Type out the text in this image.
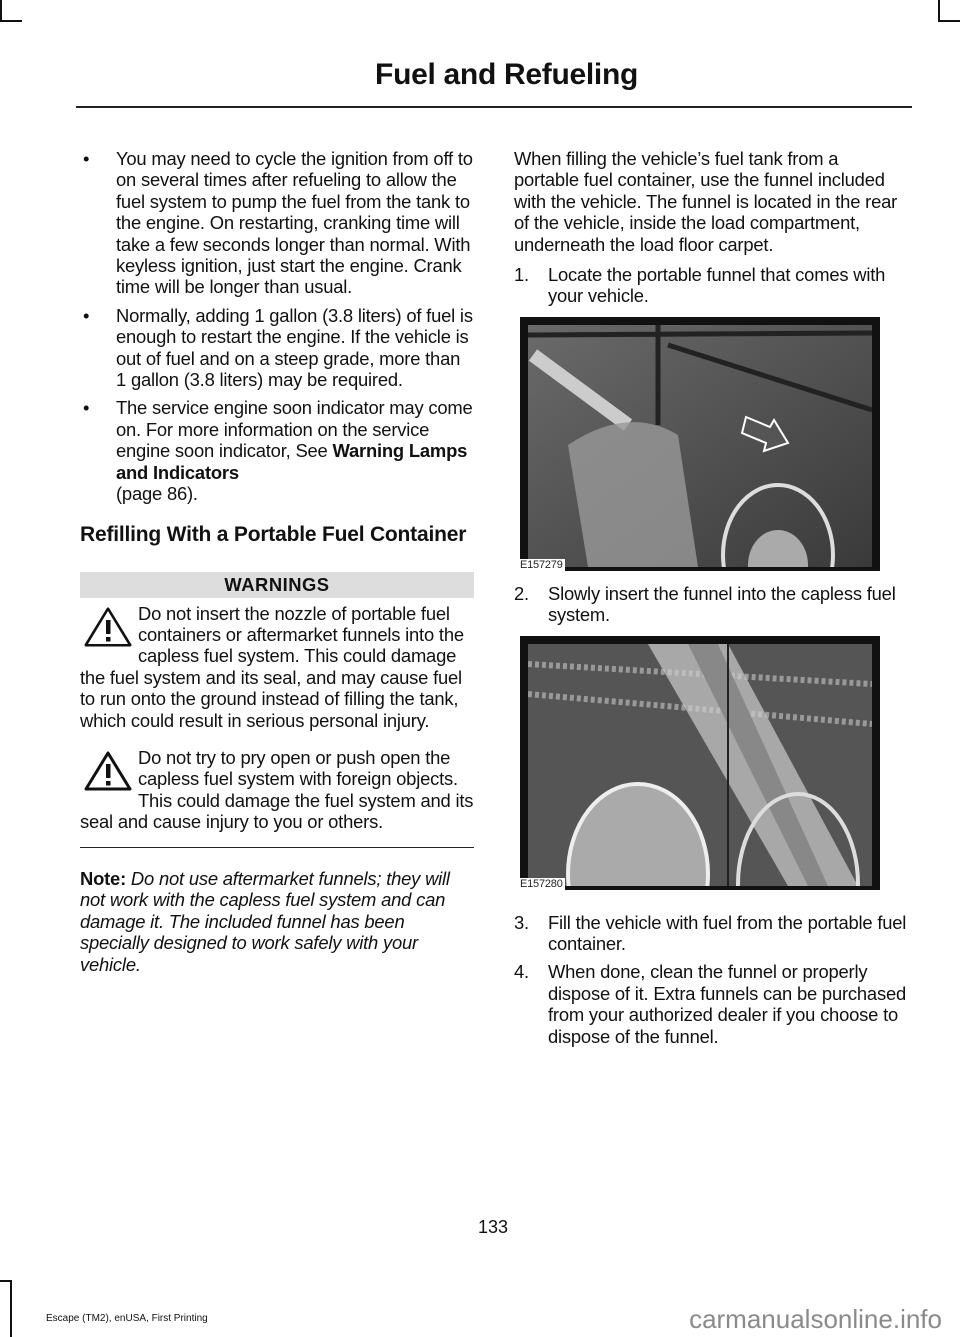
Fuel and Refueling
• You may need to cycle the ignition from off to on several times after refueling to allow the fuel system to pump the fuel from the tank to the engine. On restarting, cranking time will take a few seconds longer than normal. With keyless ignition, just start the engine. Crank time will be longer than usual.
• Normally, adding 1 gallon (3.8 liters) of fuel is enough to restart the engine. If the vehicle is out of fuel and on a steep grade, more than 1 gallon (3.8 liters) may be required.
• The service engine soon indicator may come on. For more information on the service engine soon indicator, See Warning Lamps and Indicators
(page 86).
Refilling With a Portable Fuel Container
WARNINGS
Do not insert the nozzle of portable fuel containers or aftermarket funnels into the capless fuel system. This could damage the fuel system and its seal, and may cause fuel to run onto the ground instead of filling the tank, which could result in serious personal injury.
Do not try to pry open or push open the capless fuel system with foreign objects. This could damage the fuel system and its seal and cause injury to you or others.

Note: Do not use aftermarket funnels; they will not work with the capless fuel system and can damage it. The included funnel has been specially designed to work safely with your vehicle.

When filling the vehicle’s fuel tank from a portable fuel container, use the funnel included with the vehicle. The funnel is located in the rear of the vehicle, inside the load compartment, underneath the load floor carpet.

1. Locate the portable funnel that comes with your vehicle.
E157279
2. Slowly insert the funnel into the capless fuel system.
E157280
3. Fill the vehicle with fuel from the portable fuel container.
4. When done, clean the funnel or properly dispose of it. Extra funnels can be purchased from your authorized dealer if you choose to dispose of the funnel.
133
Escape (TM2), enUSA, First Printing	carmanualsonline.info
